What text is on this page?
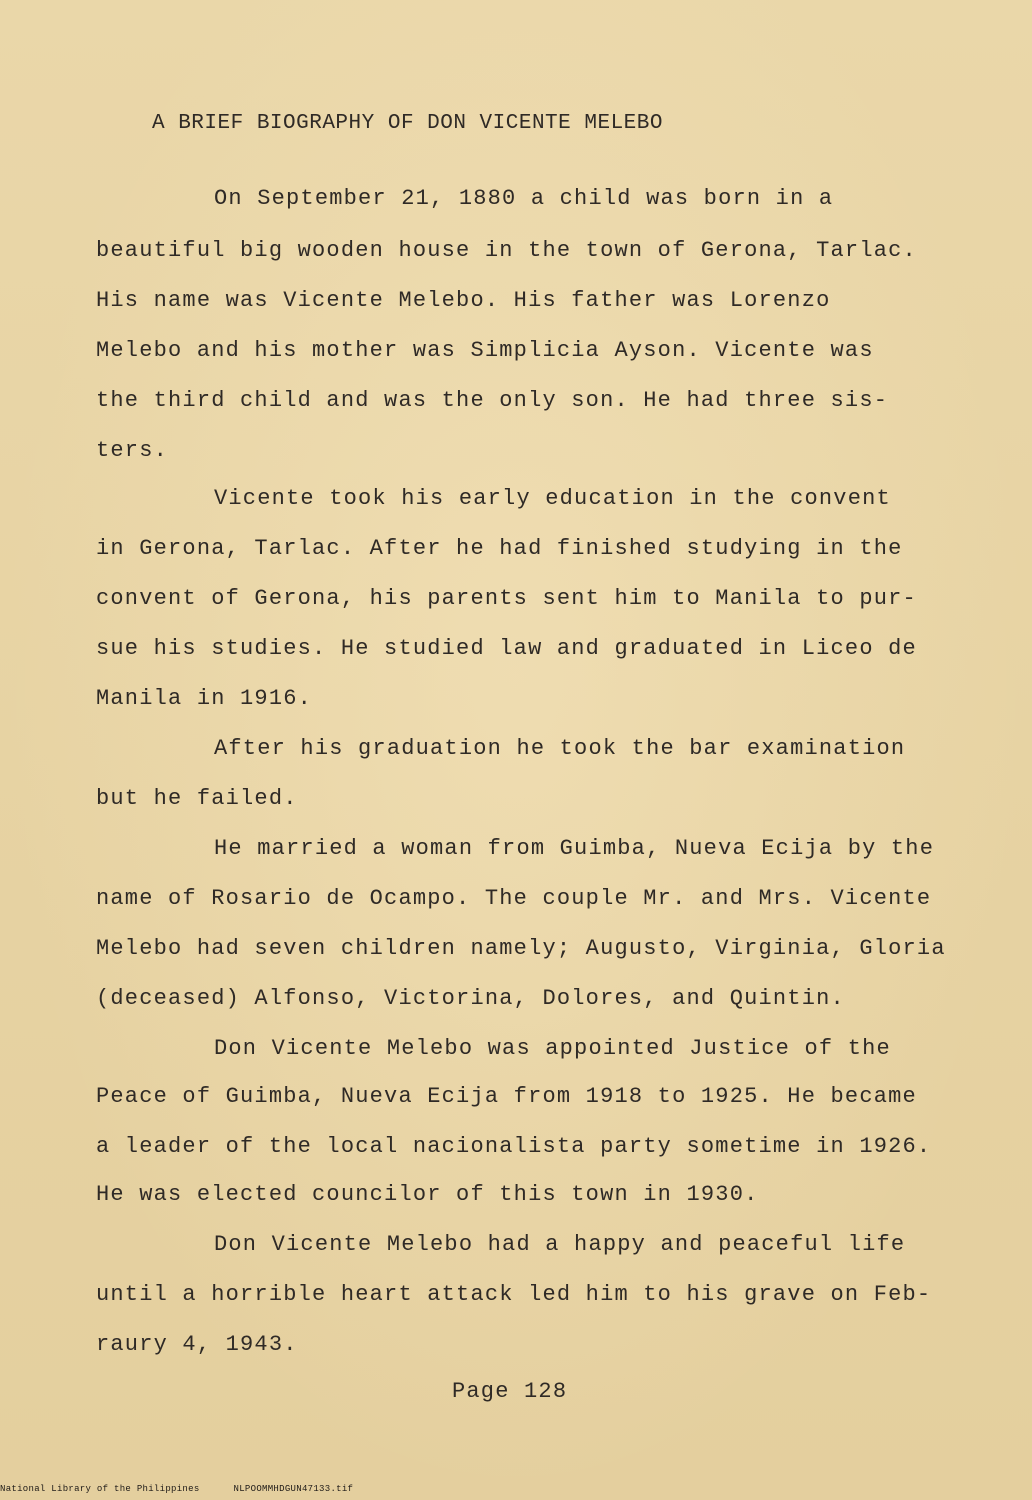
A BRIEF BIOGRAPHY OF DON VICENTE MELEBO
On September 21, 1880 a child was born in a
beautiful big wooden house in the town of Gerona, Tarlac.
His name was Vicente Melebo. His father was Lorenzo
Melebo and his mother was Simplicia Ayson. Vicente was
the third child and was the only son. He had three sis-
ters.
Vicente took his early education in the convent
in Gerona, Tarlac. After he had finished studying in the
convent of Gerona, his parents sent him to Manila to pur-
sue his studies. He studied law and graduated in Liceo de
Manila in 1916.
After his graduation he took the bar examination
but he failed.
He married a woman from Guimba, Nueva Ecija by the
name of Rosario de Ocampo. The couple Mr. and Mrs. Vicente
Melebo had seven children namely; Augusto, Virginia, Gloria
(deceased) Alfonso, Victorina, Dolores, and Quintin.
Don Vicente Melebo was appointed Justice of the
Peace of Guimba, Nueva Ecija from 1918 to 1925. He became
a leader of the local nacionalista party sometime in 1926.
He was elected councilor of this town in 1930.
Don Vicente Melebo had a happy and peaceful life
until a horrible heart attack led him to his grave on Feb-
raury 4, 1943.
Page 128
National Library of the Philippines	NLPOOMMHDGUN47133.tif
